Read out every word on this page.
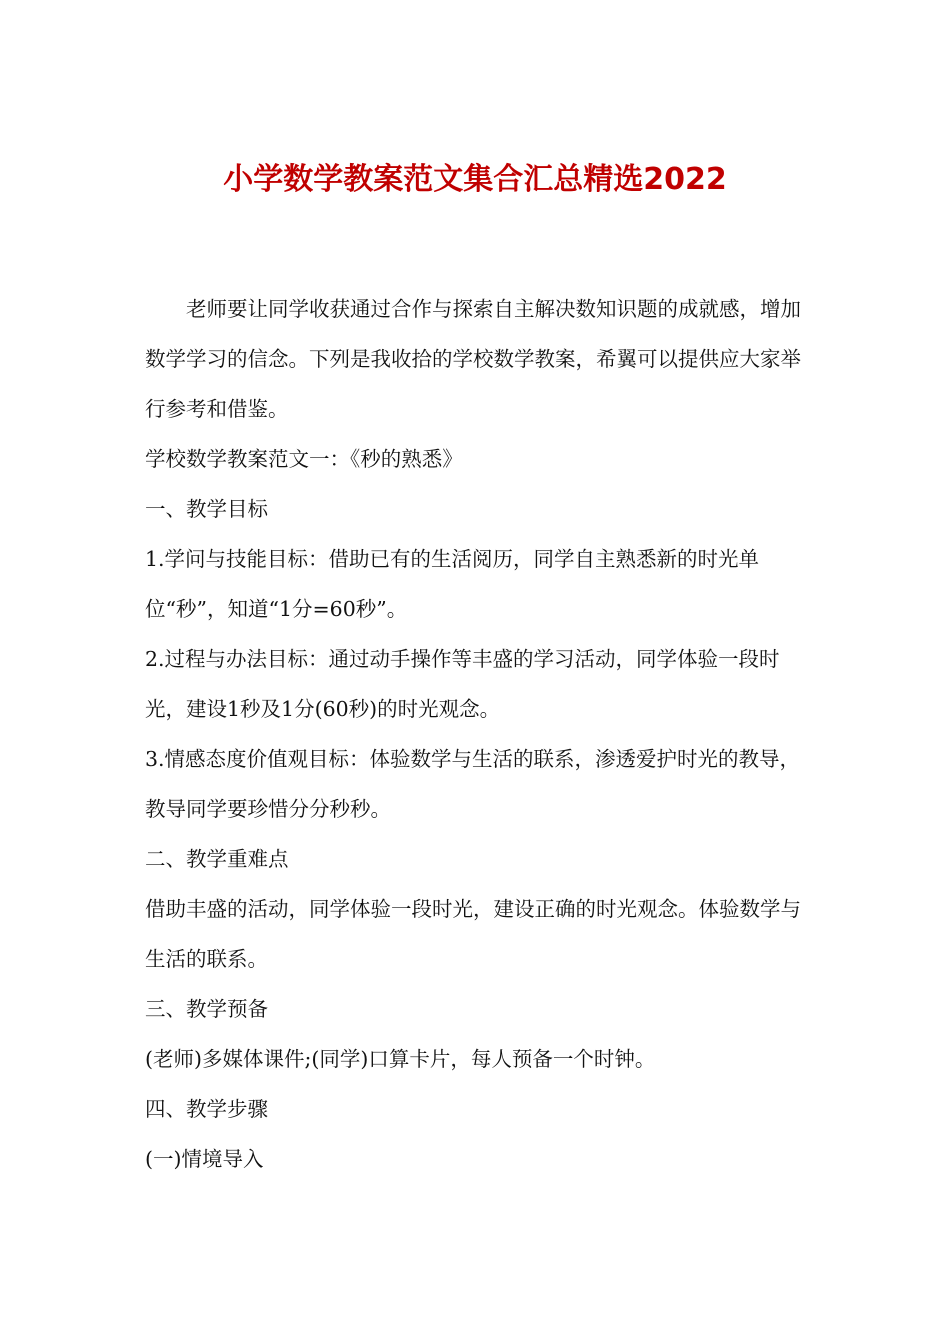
小学数学教案范文集合汇总精选2022

老师要让同学收获通过合作与探索自主解决数知识题的成就感，增加数学学习的信念。下列是我收拾的学校数学教案，希翼可以提供应大家举行参考和借鉴。

学校数学教案范文一：《秒的熟悉》

一、教学目标

1.学问与技能目标：借助已有的生活阅历，同学自主熟悉新的时光单位“秒”，知道“1分=60秒”。

2.过程与办法目标：通过动手操作等丰盛的学习活动，同学体验一段时光，建设1秒及1分(60秒)的时光观念。

3.情感态度价值观目标：体验数学与生活的联系，渗透爱护时光的教导，教导同学要珍惜分分秒秒。

二、教学重难点

借助丰盛的活动，同学体验一段时光，建设正确的时光观念。体验数学与生活的联系。

三、教学预备

(老师)多媒体课件;(同学)口算卡片，每人预备一个时钟。

四、教学步骤

(一)情境导入
